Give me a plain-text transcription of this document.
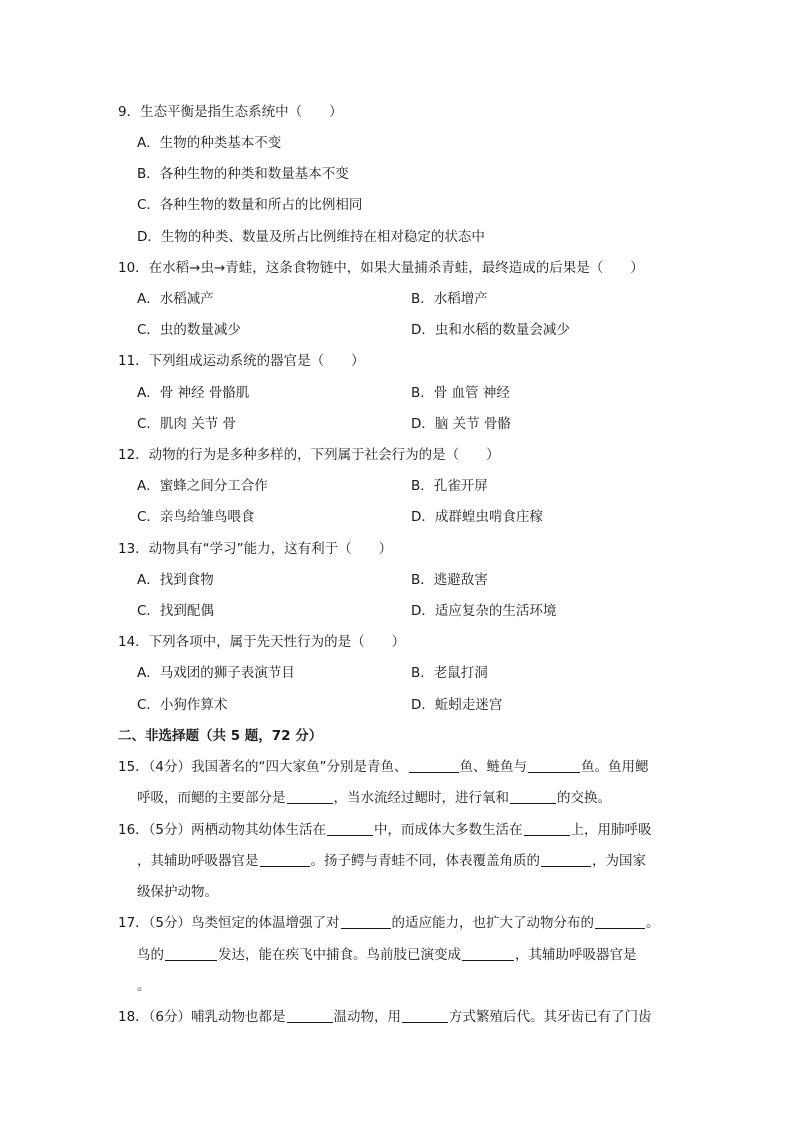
9．生态平衡是指生态系统中（　　）
A．生物的种类基本不变
B．各种生物的种类和数量基本不变
C．各种生物的数量和所占的比例相同
D．生物的种类、数量及所占比例维持在相对稳定的状态中
10．在水稻→虫→青蛙，这条食物链中，如果大量捕杀青蛙，最终造成的后果是（　　）
A．水稻减产	B．水稻增产
C．虫的数量减少	D．虫和水稻的数量会减少
11．下列组成运动系统的器官是（　　）
A．骨 神经 骨骼肌	B．骨 血管 神经
C．肌肉 关节 骨	D．脑 关节 骨骼
12．动物的行为是多种多样的，下列属于社会行为的是（　　）
A．蜜蜂之间分工合作	B．孔雀开屏
C．亲鸟给雏鸟喂食	D．成群蝗虫啃食庄稼
13．动物具有“学习”能力，这有利于（　　）
A．找到食物	B．逃避敌害
C．找到配偶	D．适应复杂的生活环境
14．下列各项中，属于先天性行为的是（　　）
A．马戏团的狮子表演节目	B．老鼠打洞
C．小狗作算术	D．蚯蚓走迷宫
二、非选择题（共 5 题，72 分）
15．（4分）我国著名的“四大家鱼”分别是青鱼、	鱼、鲢鱼与	鱼。鱼用鳃
呼吸，而鳃的主要部分是	，当水流经过鳃时，进行氧和	的交换。
16．（5分）两栖动物其幼体生活在	中，而成体大多数生活在	上，用肺呼吸
，其辅助呼吸器官是	。扬子鳄与青蛙不同，体表覆盖角质的	，为国家
级保护动物。
17．（5分）鸟类恒定的体温增强了对	的适应能力，也扩大了动物分布的	。
鸟的	发达，能在疾飞中捕食。鸟前肢已演变成	，其辅助呼吸器官是
。
18．（6分）哺乳动物也都是	温动物，用	方式繁殖后代。其牙齿已有了门齿
